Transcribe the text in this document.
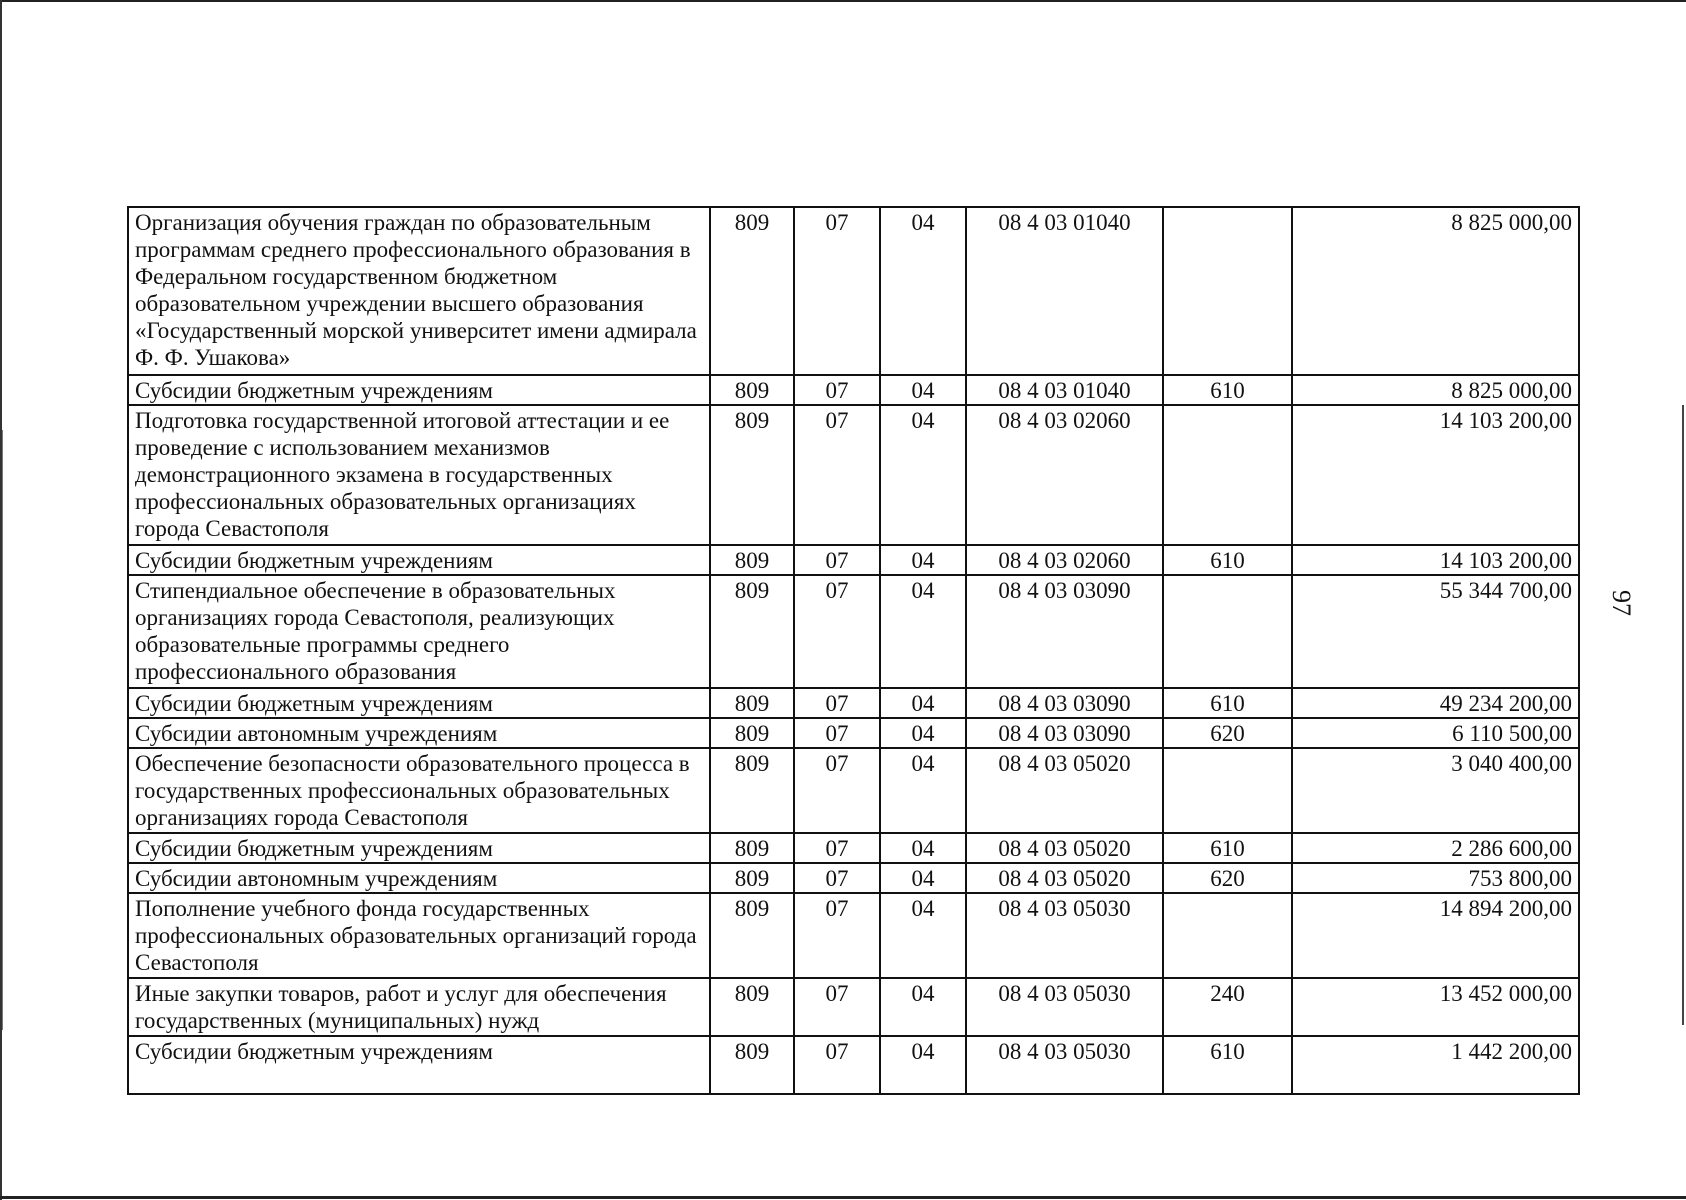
97
Организация обучения граждан по образовательным программам среднего профессионального образования в Федеральном государственном бюджетном образовательном учреждении высшего образования «Государственный морской университет имени адмирала Ф. Ф. Ушакова»	809	07	04	08 4 03 01040		8 825 000,00
Субсидии бюджетным учреждениям	809	07	04	08 4 03 01040	610	8 825 000,00
Подготовка государственной итоговой аттестации и ее проведение с использованием механизмов демонстрационного экзамена в государственных профессиональных образовательных организациях города Севастополя	809	07	04	08 4 03 02060		14 103 200,00
Субсидии бюджетным учреждениям	809	07	04	08 4 03 02060	610	14 103 200,00
Стипендиальное обеспечение в образовательных организациях города Севастополя, реализующих образовательные программы среднего профессионального образования	809	07	04	08 4 03 03090		55 344 700,00
Субсидии бюджетным учреждениям	809	07	04	08 4 03 03090	610	49 234 200,00
Субсидии автономным учреждениям	809	07	04	08 4 03 03090	620	6 110 500,00
Обеспечение безопасности образовательного процесса в государственных профессиональных образовательных организациях города Севастополя	809	07	04	08 4 03 05020		3 040 400,00
Субсидии бюджетным учреждениям	809	07	04	08 4 03 05020	610	2 286 600,00
Субсидии автономным учреждениям	809	07	04	08 4 03 05020	620	753 800,00
Пополнение учебного фонда государственных профессиональных образовательных организаций города Севастополя	809	07	04	08 4 03 05030		14 894 200,00
Иные закупки товаров, работ и услуг для обеспечения государственных (муниципальных) нужд	809	07	04	08 4 03 05030	240	13 452 000,00
Субсидии бюджетным учреждениям	809	07	04	08 4 03 05030	610	1 442 200,00
